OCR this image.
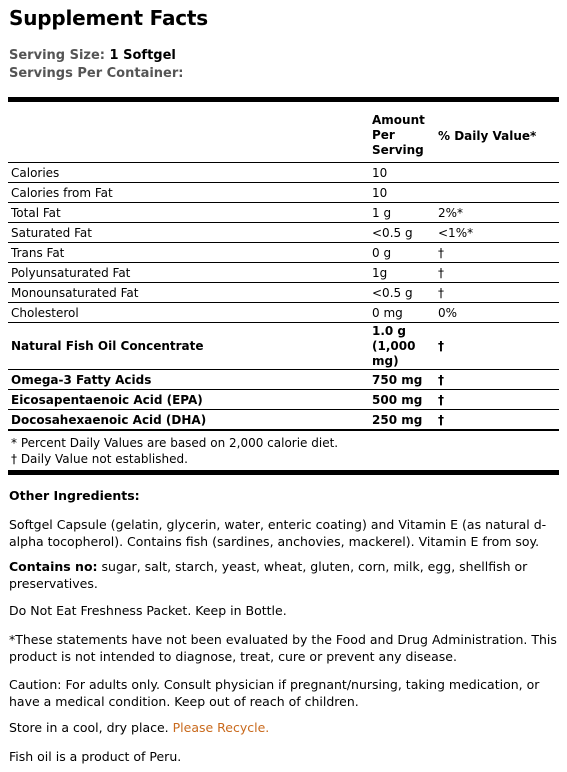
Supplement Facts
Serving Size: 1 Softgel
Servings Per Container:
	Amount Per Serving	% Daily Value*
Calories	10	
Calories from Fat	10	
Total Fat	1 g	2%*
Saturated Fat	<0.5 g	<1%*
Trans Fat	0 g	†
Polyunsaturated Fat	1g	†
Monounsaturated Fat	<0.5 g	†
Cholesterol	0 mg	0%
Natural Fish Oil Concentrate	1.0 g (1,000 mg)	†
Omega-3 Fatty Acids	750 mg	†
Eicosapentaenoic Acid (EPA)	500 mg	†
Docosahexaenoic Acid (DHA)	250 mg	†

* Percent Daily Values are based on 2,000 calorie diet.
† Daily Value not established.		
Other Ingredients:
Softgel Capsule (gelatin, glycerin, water, enteric coating) and Vitamin E (as natural d-alpha tocopherol). Contains fish (sardines, anchovies, mackerel). Vitamin E from soy.
Contains no: sugar, salt, starch, yeast, wheat, gluten, corn, milk, egg, shellfish or preservatives.
Do Not Eat Freshness Packet. Keep in Bottle.
*These statements have not been evaluated by the Food and Drug Administration. This product is not intended to diagnose, treat, cure or prevent any disease.
Caution: For adults only. Consult physician if pregnant/nursing, taking medication, or have a medical condition. Keep out of reach of children.
Store in a cool, dry place. Please Recycle.
Fish oil is a product of Peru.
